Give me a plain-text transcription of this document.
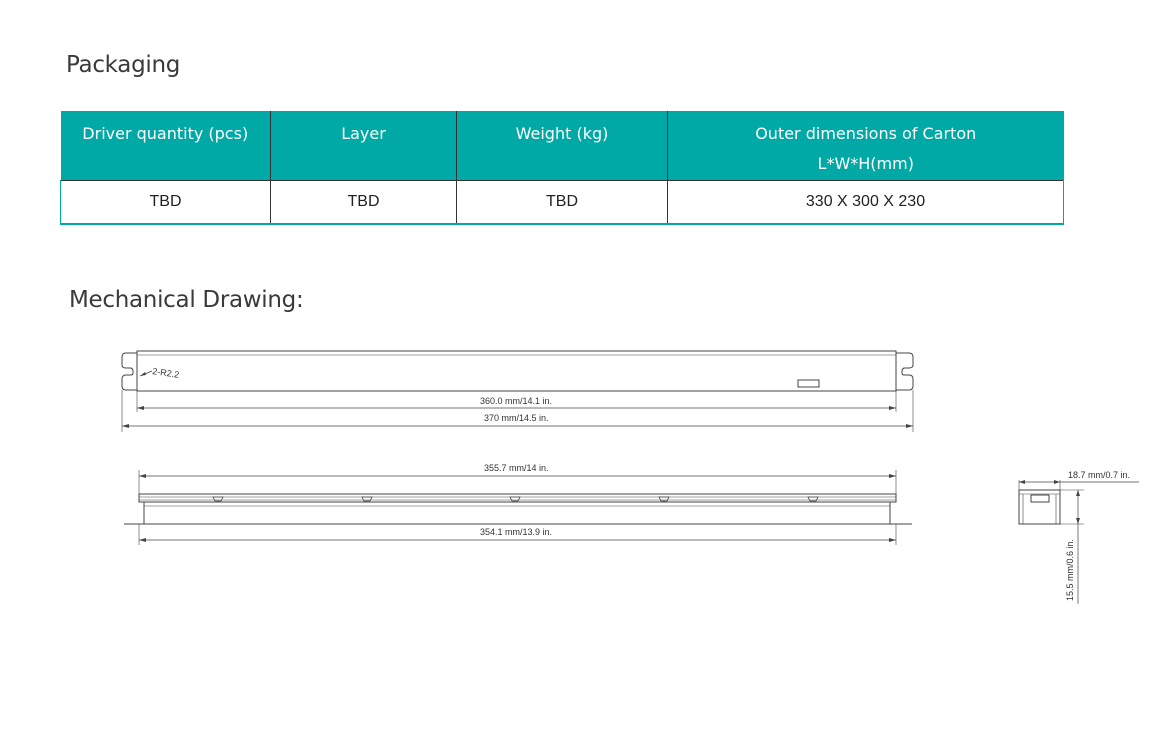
Packaging
Driver quantity (pcs)	Layer	Weight (kg)	Outer dimensions of Carton
L*W*H(mm)

TBD	TBD	TBD	330 X 300 X 230
Mechanical Drawing:
2-R2.2
360.0 mm/14.1 in.
370 mm/14.5 in.
355.7 mm/14 in.
354.1 mm/13.9 in.
18.7 mm/0.7 in.
15.5 mm/0.6 in.
